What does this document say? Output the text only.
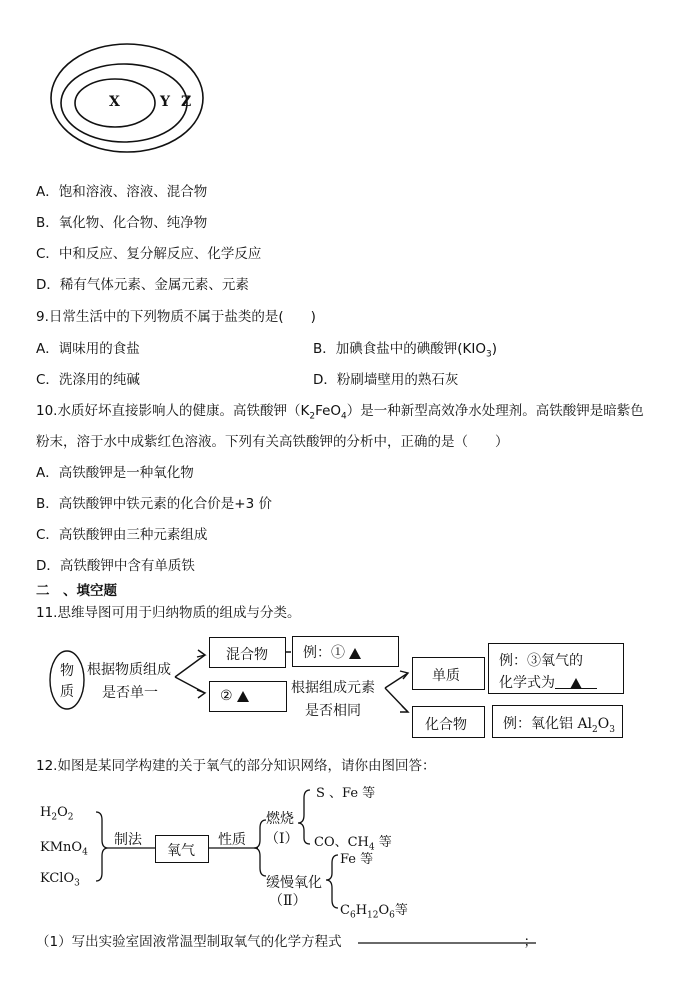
X	Y Z
A．饱和溶液、溶液、混合物
B．氧化物、化合物、纯净物
C．中和反应、复分解反应、化学反应
D．稀有气体元素、金属元素、元素
9.日常生活中的下列物质不属于盐类的是(　　)
A．调味用的食盐	B．加碘食盐中的碘酸钾$(KIO_3)$
C．洗涤用的纯碱	D．粉刷墙壁用的熟石灰
10.水质好坏直接影响人的健康。高铁酸钾$(K_2FeO_4)$是一种新型高效净水处理剂。高铁酸钾是暗紫色
粉末，溶于水中成紫红色溶液。下列有关高铁酸钾的分析中，正确的是（　　）
A．高铁酸钾是一种氧化物
B．高铁酸钾中铁元素的化合价是+3 价
C．高铁酸钾由三种元素组成
D．高铁酸钾中含有单质铁
二　、填空题
11.思维导图可用于归纳物质的组成与分类。
物
质
根据物质组成
是否单一
混合物	例：①
②	根据组成元素
是否相同
单质
例：③氧气的
化学式为
化合物	例：氧化铝 $Al_2O_3$
12.如图是某同学构建的关于氧气的部分知识网络，请你由图回答：
$H_2O_2$
KMnO$_4$
KClO$_3$
制法
氧气
性质
燃烧
（Ⅰ）
S 、Fe 等
CO、$CH_4$ 等
缓慢氧化
（Ⅱ）
Fe 等
$C_6H_{12}O_6$等
（1）写出实验室固液常温型制取氧气的化学方程式	；
